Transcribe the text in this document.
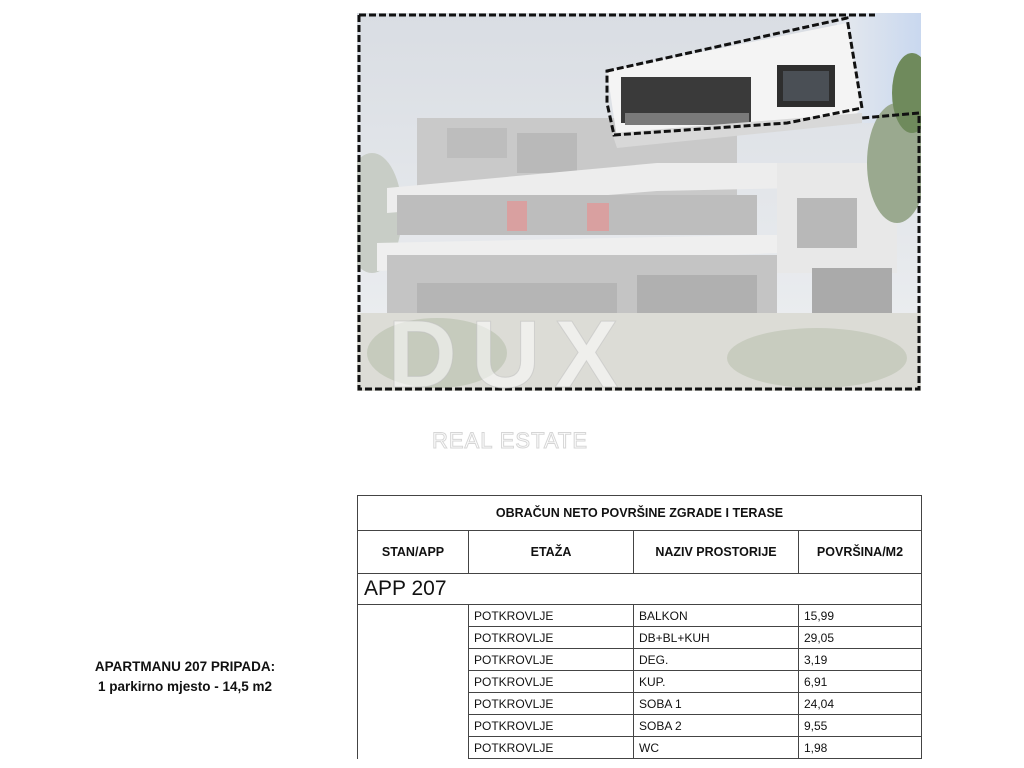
DUX
REAL ESTATE
APARTMANU 207 PRIPADA:
1 parkirno mjesto - 14,5 m2
OBRAČUN NETO POVRŠINE ZGRADE I TERASE			
STAN/APP	ETAŽA	NAZIV PROSTORIJE	POVRŠINA/M2
APP 207			
	POTKROVLJE	BALKON	15,99
	POTKROVLJE	DB+BL+KUH	29,05
	POTKROVLJE	DEG.	3,19
	POTKROVLJE	KUP.	6,91
	POTKROVLJE	SOBA 1	24,04
	POTKROVLJE	SOBA 2	9,55
	POTKROVLJE	WC	1,98
